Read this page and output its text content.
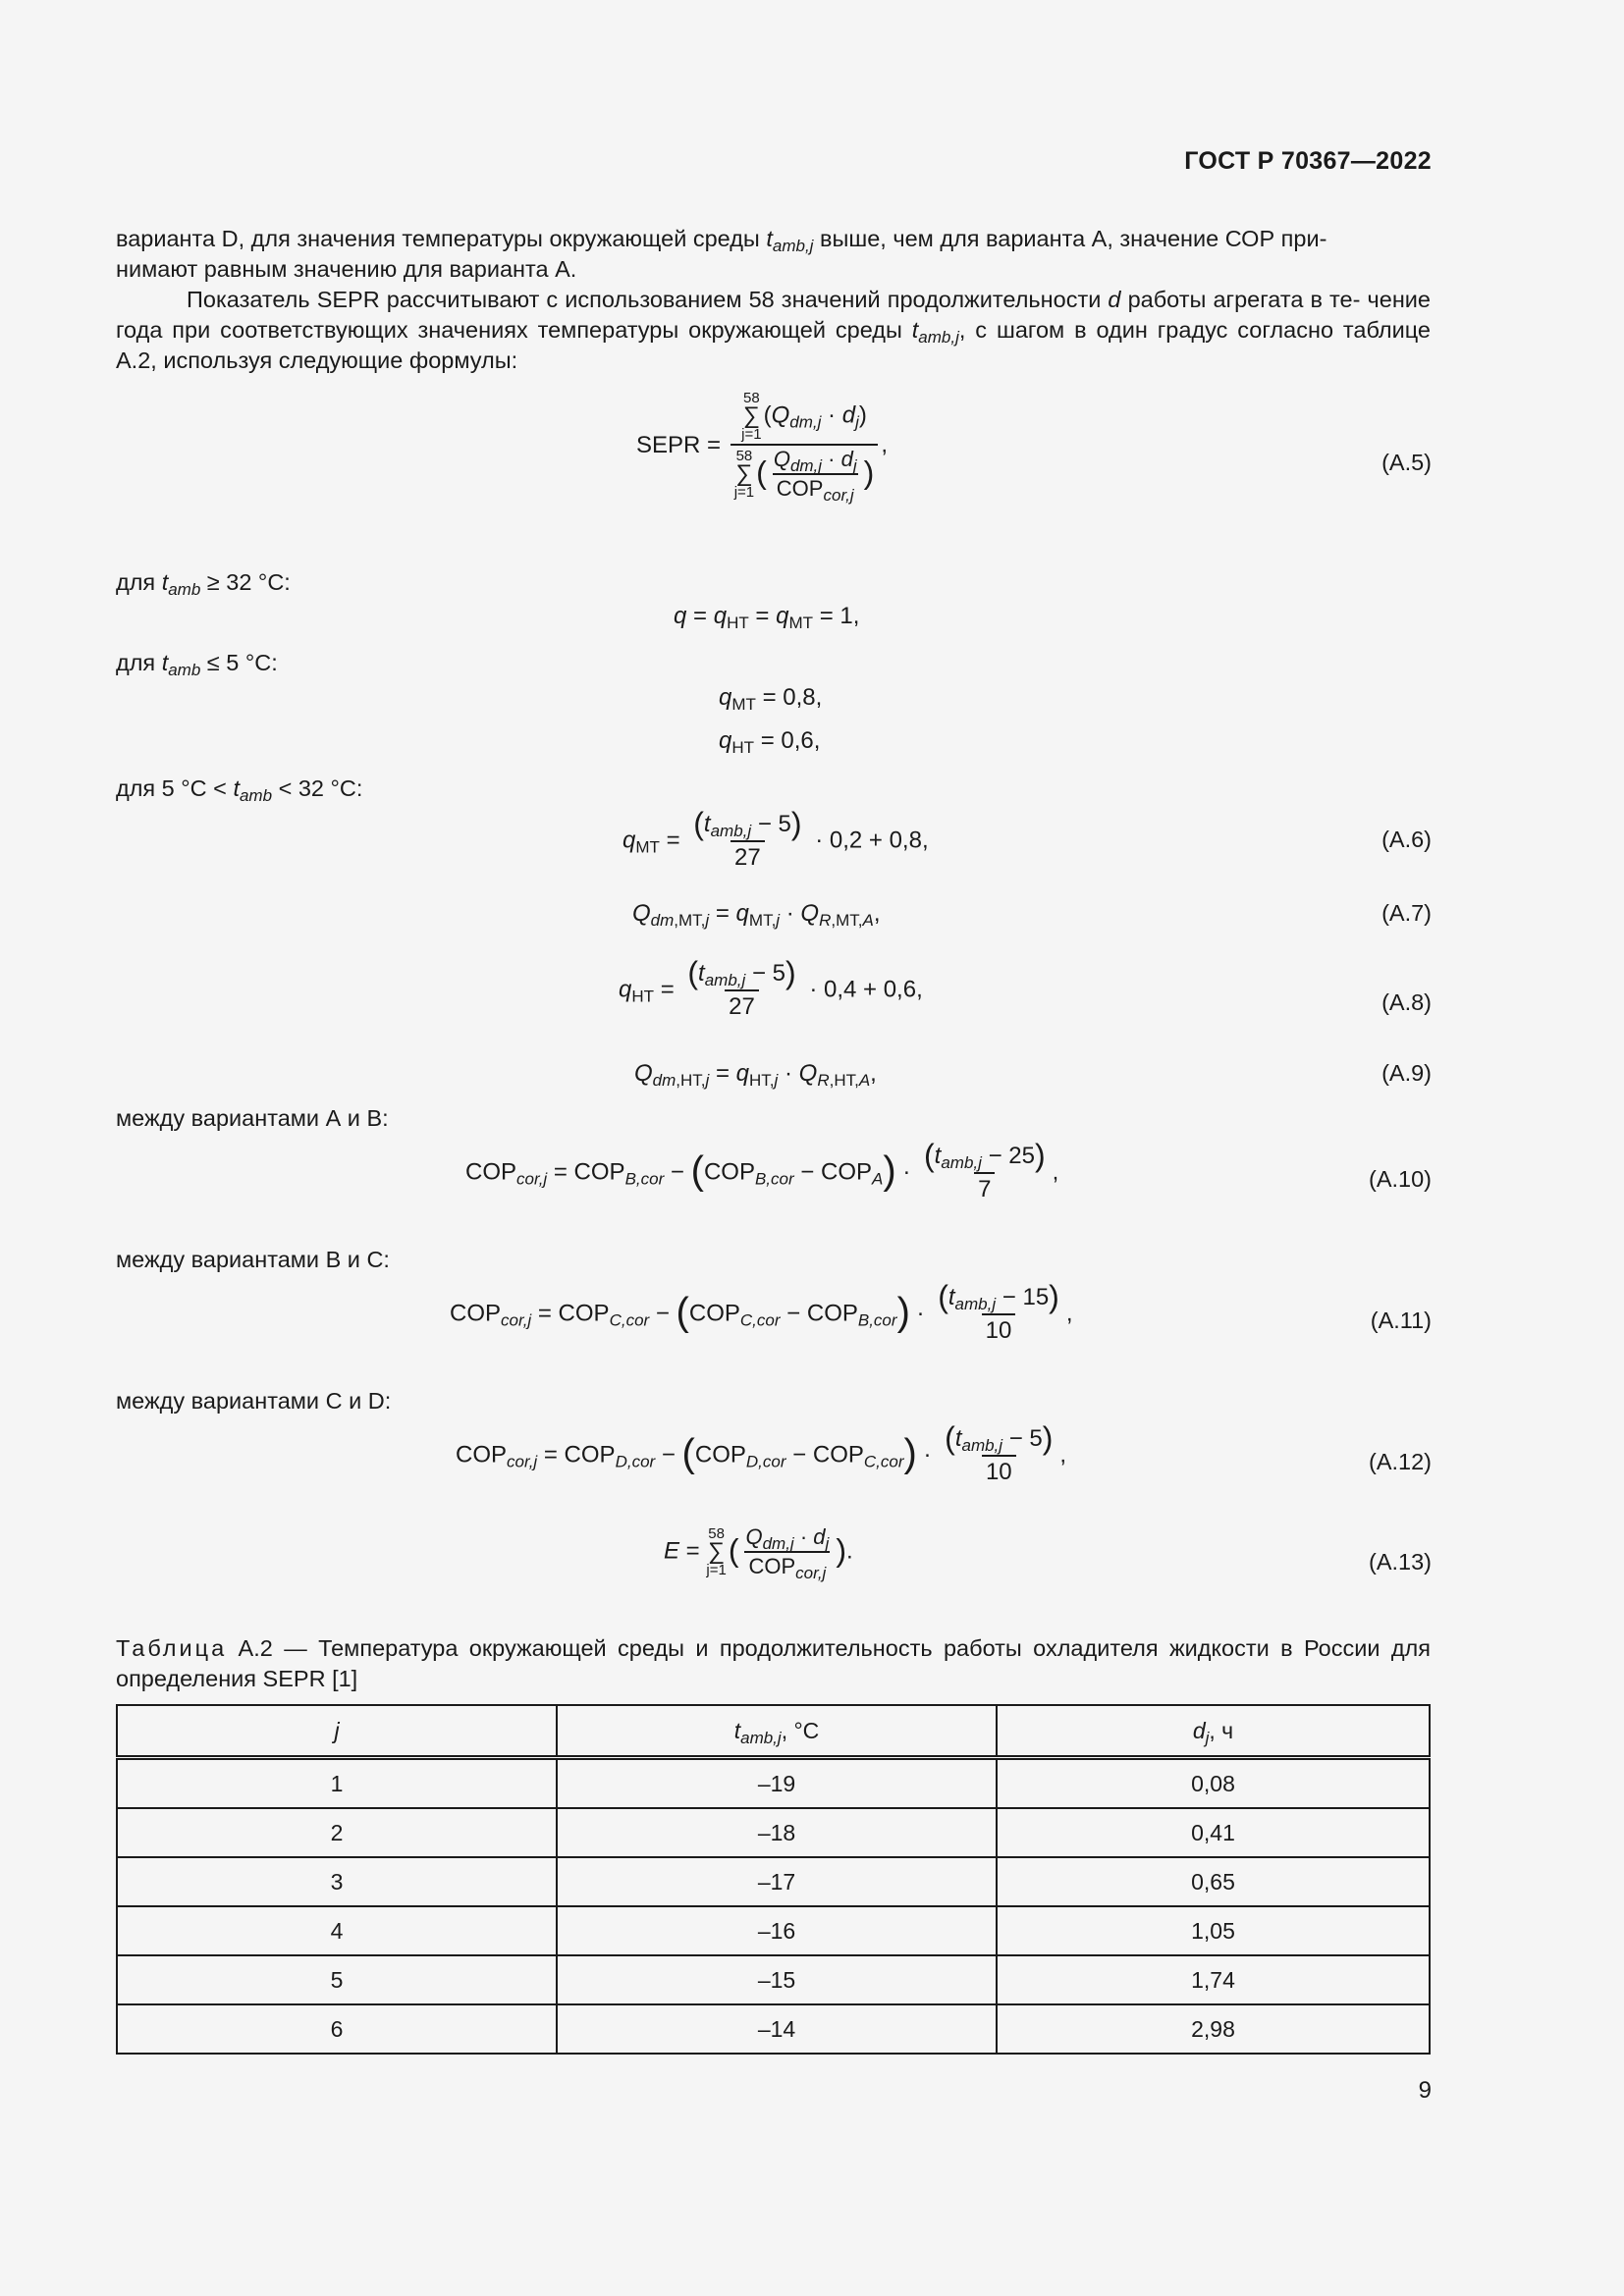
ГОСТ Р 70367—2022
варианта D, для значения температуры окружающей среды $t_{amb,j}$ выше, чем для варианта А, значение СОР при-
нимают равным значению для варианта А.
Показатель SEPR рассчитывают с использованием 58 значений продолжительности d работы агрегата в те- чение года при соответствующих значениях температуры окружающей среды $t_{amb,j}$, с шагом в один градус согласно таблице А.2, используя следующие формулы:
SEPR = 58
∑
j=1
$(Q_{dm,j} \cdot d_j)$
58
∑
j=1
( $\frac{Q_{dm,j} \cdot d_j}{COP_{cor,j}}$ ) ,
(А.5)
для $t_{amb} \ge 32$ °С:
$q = q_{HT} = q_{MT} = 1$,
для $t_{amb} \le 5$ °С:
$q_{MT} = 0,8$,
$q_{HT} = 0,6$,
для 5 $^\circ С < t_{amb} < 32$ °С:
$q_{MT} = \frac{(t_{amb,j} - 5)}{27} \cdot 0,2 + 0,8$,	(А.6)
$Q_{dm,MT,j} = q_{MT,j} \cdot Q_{R,MT,A}$,	(А.7)
$q_{HT} = \frac{(t_{amb,j} - 5)}{27} \cdot 0,4 + 0,6$,	(А.8)
$Q_{dm,HT,j} = q_{HT,j} \cdot Q_{R,HT,A}$,	(А.9)
между вариантами А и В:
$COP_{cor,j} = COP_{B,cor} - (COP_{B,cor} - COP_A) \cdot \frac{(t_{amb,j} - 25)}{7}$ ,	(А.10)
между вариантами В и С:
$COP_{cor,j} = COP_{C,cor} - (COP_{C,cor} - COP_{B,cor}) \cdot \frac{(t_{amb,j} - 15)}{10}$ ,	(А.11)
между вариантами С и D:
$COP_{cor,j} = COP_{D,cor} - (COP_{D,cor} - COP_{C,cor}) \cdot \frac{(t_{amb,j} - 5)}{10}$ ,	(А.12)
E =
58
∑
j=1
( $\frac{Q_{dm,j} \cdot d_j}{COP_{cor,j}}$ ).	(А.13)
Таблица А.2 — Температура окружающей среды и продолжительность работы охладителя жидкости в России для определения SEPR [1]
j	$t_{amb,j}$, °С	$d_j$, ч
1	–19	0,08
2	–18	0,41
3	–17	0,65
4	–16	1,05
5	–15	1,74
6	–14	2,98
9
